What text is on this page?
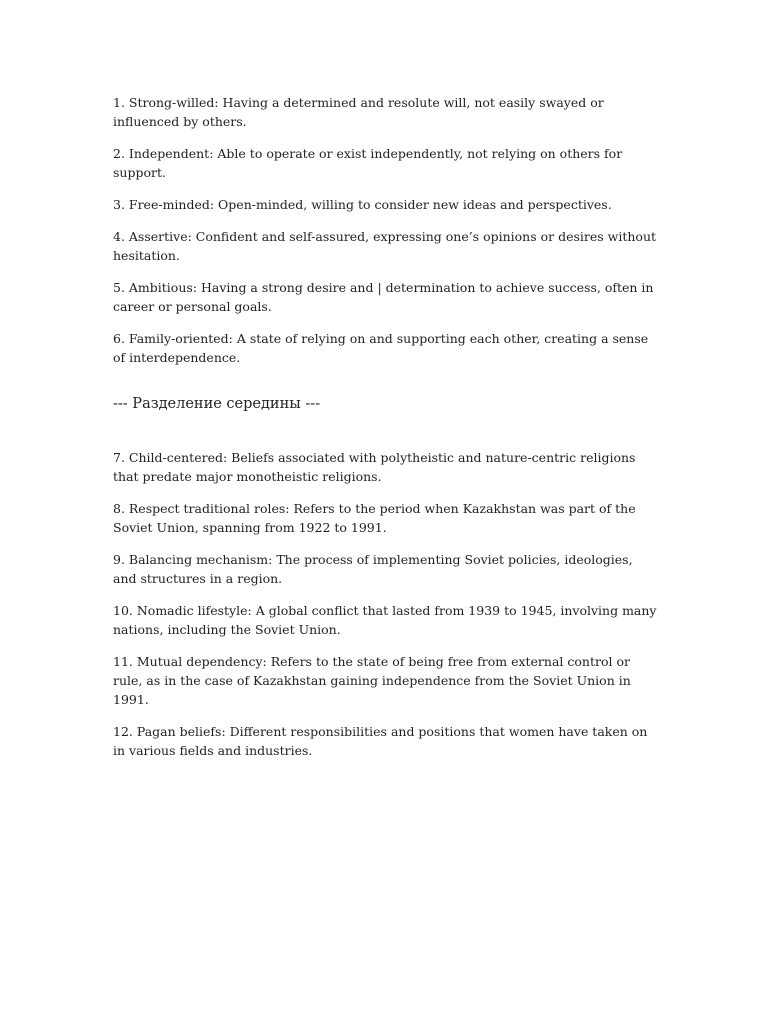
1. Strong-willed: Having a determined and resolute will, not easily swayed or influenced by others.

2. Independent: Able to operate or exist independently, not relying on others for support.

3. Free-minded: Open-minded, willing to consider new ideas and perspectives.

4. Assertive: Confident and self-assured, expressing one’s opinions or desires without hesitation.

5. Ambitious: Having a strong desire and | determination to achieve success, often in career or personal goals.

6. Family-oriented: A state of relying on and supporting each other, creating a sense of interdependence.

--- Разделение середины ---

7. Child-centered: Beliefs associated with polytheistic and nature-centric religions that predate major monotheistic religions.

8. Respect traditional roles: Refers to the period when Kazakhstan was part of the Soviet Union, spanning from 1922 to 1991.

9. Balancing mechanism: The process of implementing Soviet policies, ideologies, and structures in a region.

10. Nomadic lifestyle: A global conflict that lasted from 1939 to 1945, involving many nations, including the Soviet Union.

11. Mutual dependency: Refers to the state of being free from external control or rule, as in the case of Kazakhstan gaining independence from the Soviet Union in 1991.

12. Pagan beliefs: Different responsibilities and positions that women have taken on in various fields and industries.
